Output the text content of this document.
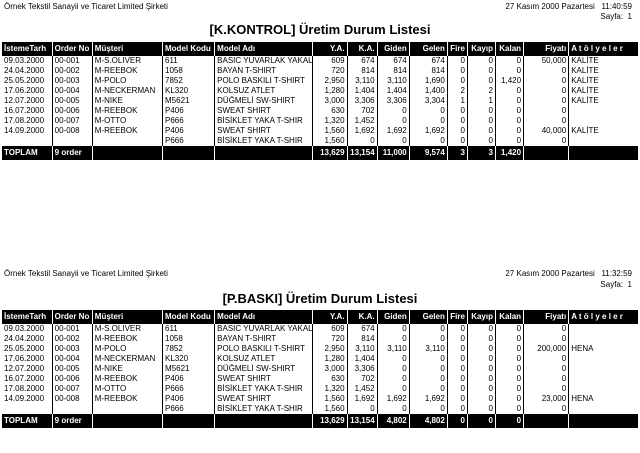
Örnek Tekstil Sanayii ve Ticaret Limited Şirketi	27 Kasım 2000 Pazartesi   11:40:59
Sayfa:  1
[K.KONTROL] Üretim Durum Listesi
İstemeTarh	Order No	Müşteri	Model Kodu	Model Adı	Y.A.	K.A.	Giden	Gelen	Fire	Kayıp	Kalan	Fiyatı	A t ö l y e l e r
09.03.2000	00-001	M-S.OLIVER	611	BASIC YUVARLAK YAKAL	609	674	674	674	0	0	0	50,000	KALİTE
24.04.2000	00-002	M-REEBOK	1058	BAYAN T-SHIRT	720	814	814	814	0	0	0	0	KALİTE
25.05.2000	00-003	M-POLO	7852	POLO BASKILI T-SHIRT	2,950	3,110	3,110	1,690	0	0	1,420	0	KALİTE
17.06.2000	00-004	M-NECKERMAN	KL320	KOLSUZ ATLET	1,280	1,404	1,404	1,400	2	2	0	0	KALİTE
12.07.2000	00-005	M-NIKE	M5621	DÜĞMELİ SW-SHIRT	3,000	3,306	3,306	3,304	1	1	0	0	KALİTE
16.07.2000	00-006	M-REEBOK	P406	SWEAT SHIRT	630	702	0	0	0	0	0	0	
17.08.2000	00-007	M-OTTO	P666	BİSİKLET YAKA T-SHIR	1,320	1,452	0	0	0	0	0	0	
14.09.2000	00-008	M-REEBOK	P406	SWEAT SHIRT	1,560	1,692	1,692	1,692	0	0	0	40,000	KALİTE
			P666	BİSİKLET YAKA T-SHIR	1,560	0	0	0	0	0	0	0	
TOPLAM	9 order				13,629	13,154	11,000	9,574	3	3	1,420		
Örnek Tekstil Sanayii ve Ticaret Limited Şirketi	27 Kasım 2000 Pazartesi   11:32:59
Sayfa:  1
[P.BASKI] Üretim Durum Listesi
İstemeTarh	Order No	Müşteri	Model Kodu	Model Adı	Y.A.	K.A.	Giden	Gelen	Fire	Kayıp	Kalan	Fiyatı	A t ö l y e l e r
09.03.2000	00-001	M-S.OLIVER	611	BASIC YUVARLAK YAKAL	609	674	0	0	0	0	0	0	
24.04.2000	00-002	M-REEBOK	1058	BAYAN T-SHIRT	720	814	0	0	0	0	0	0	
25.05.2000	00-003	M-POLO	7852	POLO BASKILI T-SHIRT	2,950	3,110	3,110	3,110	0	0	0	200,000	HENA
17.06.2000	00-004	M-NECKERMAN	KL320	KOLSUZ ATLET	1,280	1,404	0	0	0	0	0	0	
12.07.2000	00-005	M-NIKE	M5621	DÜĞMELİ SW-SHIRT	3,000	3,306	0	0	0	0	0	0	
16.07.2000	00-006	M-REEBOK	P406	SWEAT SHIRT	630	702	0	0	0	0	0	0	
17.08.2000	00-007	M-OTTO	P666	BİSİKLET YAKA T-SHIR	1,320	1,452	0	0	0	0	0	0	
14.09.2000	00-008	M-REEBOK	P406	SWEAT SHIRT	1,560	1,692	1,692	1,692	0	0	0	23,000	HENA
			P666	BİSİKLET YAKA T-SHIR	1,560	0	0	0	0	0	0	0	
TOPLAM	9 order				13,629	13,154	4,802	4,802	0	0	0		
